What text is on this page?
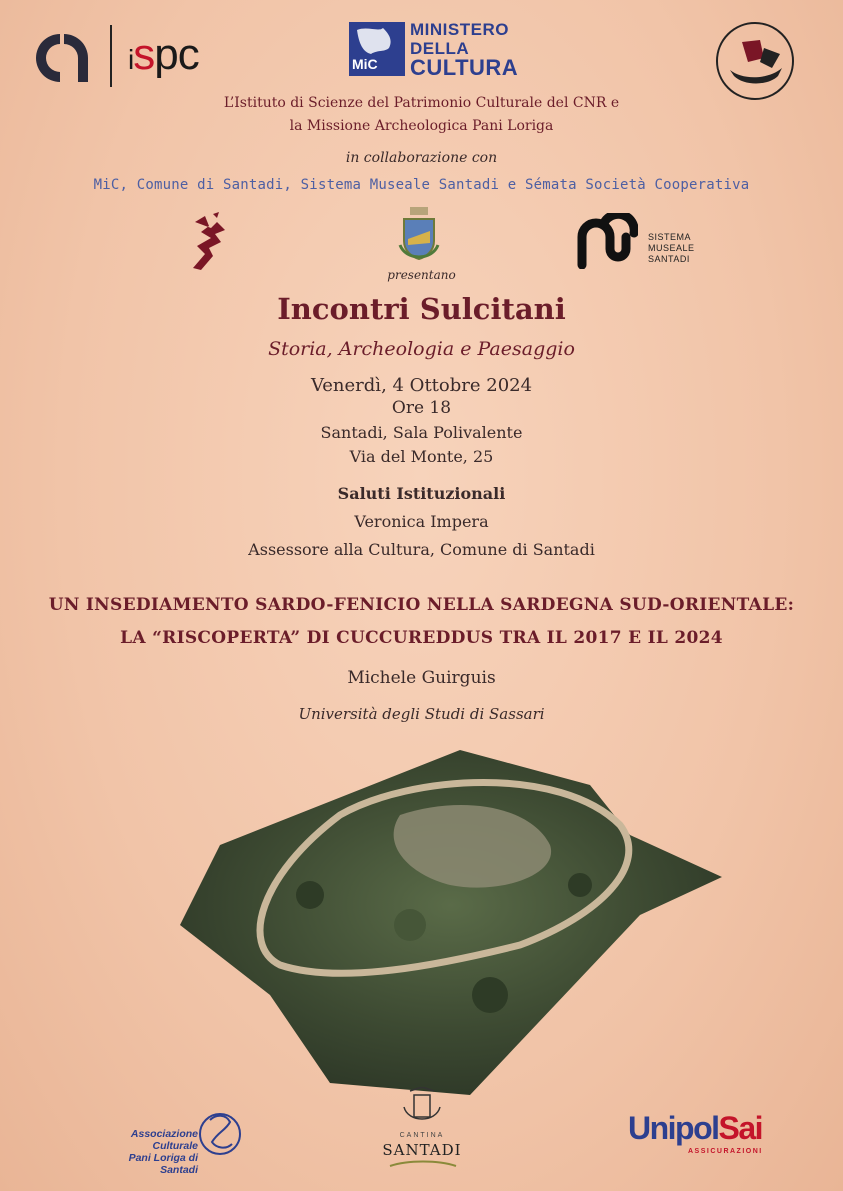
ispc	MiC
MINISTERO
DELLA
CULTURA
L’Istituto di Scienze del Patrimonio Culturale del CNR e
la Missione Archeologica Pani Loriga
in collaborazione con
MiC, Comune di Santadi, Sistema Museale Santadi e Sémata Società Cooperativa
SISTEMA
MUSEALE
SANTADI
presentano
Incontri Sulcitani
Storia, Archeologia e Paesaggio
Venerdì, 4 Ottobre 2024
Ore 18
Santadi, Sala Polivalente
Via del Monte, 25
Saluti Istituzionali
Veronica Impera
Assessore alla Cultura, Comune di Santadi
UN INSEDIAMENTO SARDO-FENICIO NELLA SARDEGNA SUD-ORIENTALE:
LA “RISCOPERTA” DI CUCCUREDDUS TRA IL 2017 E IL 2024
Michele Guirguis
Università degli Studi di Sassari
Associazione Culturale
Pani Loriga di Santadi
CANTINA
SANTADI
UnipolSai
ASSICURAZIONI
